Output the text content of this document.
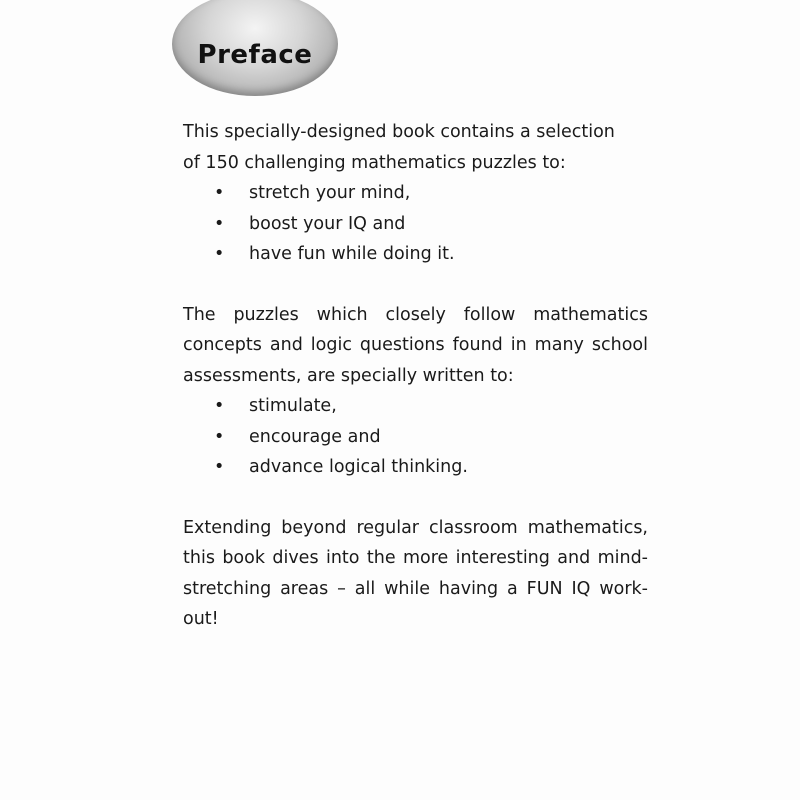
Preface
This specially-designed book contains a selection
of 150 challenging mathematics puzzles to:
• stretch your mind,
• boost your IQ and
• have fun while doing it.

The puzzles which closely follow mathematics concepts and logic questions found in many school assessments, are specially written to:

• stimulate,
• encourage and
• advance logical thinking.

Extending beyond regular classroom mathematics, this book dives into the more interesting and mind-stretching areas – all while having a FUN IQ work-out!
